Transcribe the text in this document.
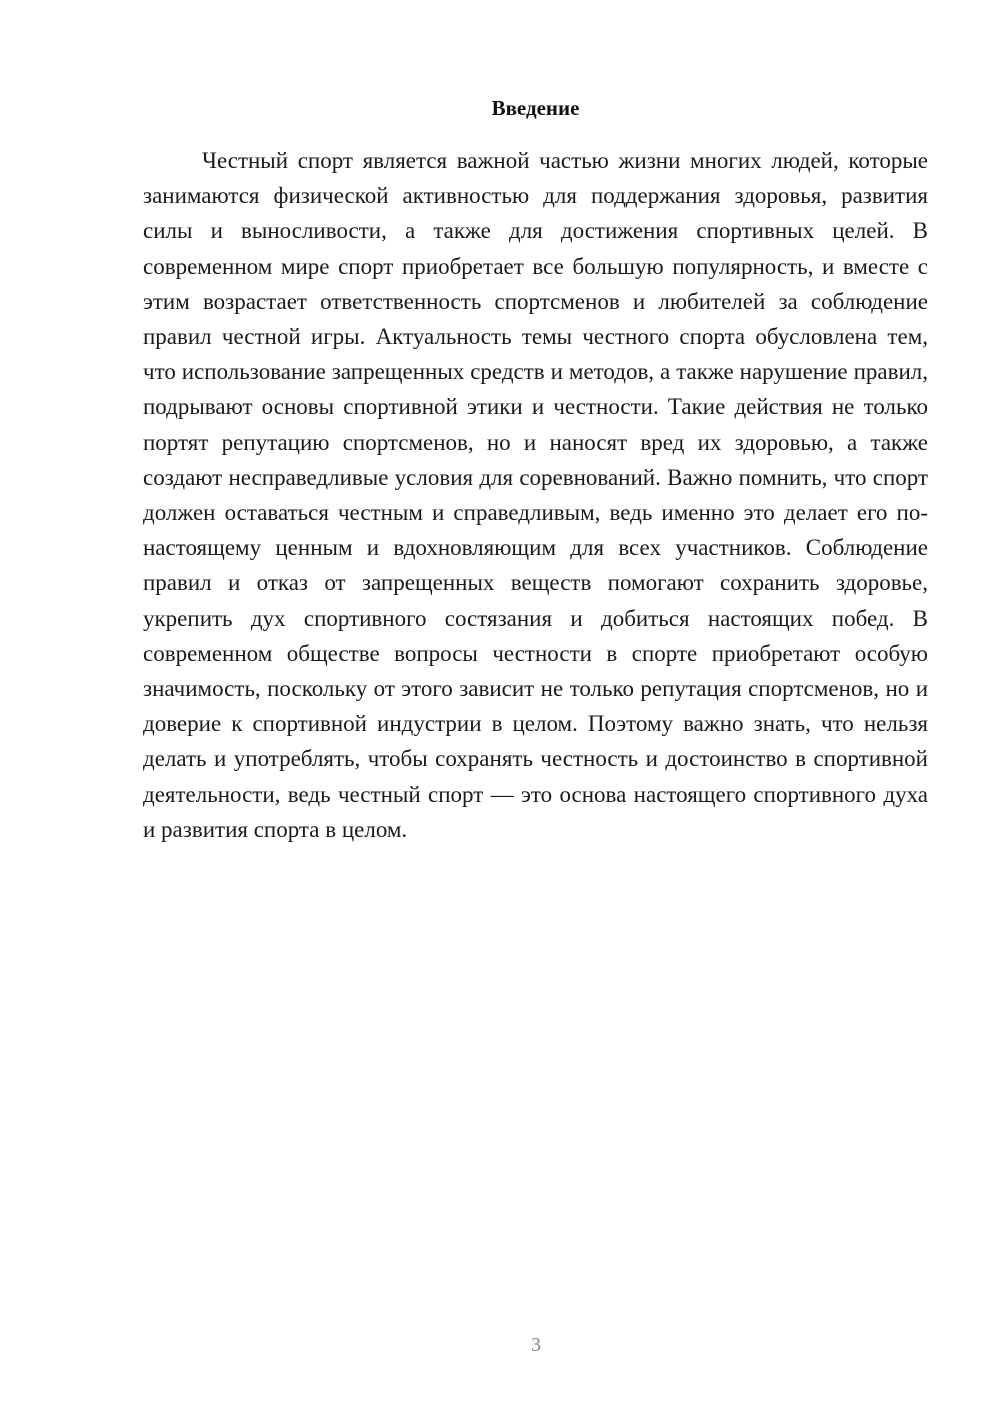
Введение

Честный спорт является важной частью жизни многих людей, которые занимаются физической активностью для поддержания здоровья, развития силы и выносливости, а также для достижения спортивных целей. В современном мире спорт приобретает все большую популярность, и вместе с этим возрастает ответственность спортсменов и любителей за соблюдение правил честной игры. Актуальность темы честного спорта обусловлена тем, что использование запрещенных средств и методов, а также нарушение правил, подрывают основы спортивной этики и честности. Такие действия не только портят репутацию спортсменов, но и наносят вред их здоровью, а также создают несправедливые условия для соревнований. Важно помнить, что спорт должен оставаться честным и справедливым, ведь именно это делает его по-настоящему ценным и вдохновляющим для всех участников. Соблюдение правил и отказ от запрещенных веществ помогают сохранить здоровье, укрепить дух спортивного состязания и добиться настоящих побед. В современном обществе вопросы честности в спорте приобретают особую значимость, поскольку от этого зависит не только репутация спортсменов, но и доверие к спортивной индустрии в целом. Поэтому важно знать, что нельзя делать и употреблять, чтобы сохранять честность и достоинство в спортивной деятельности, ведь честный спорт — это основа настоящего спортивного духа и развития спорта в целом.

3
